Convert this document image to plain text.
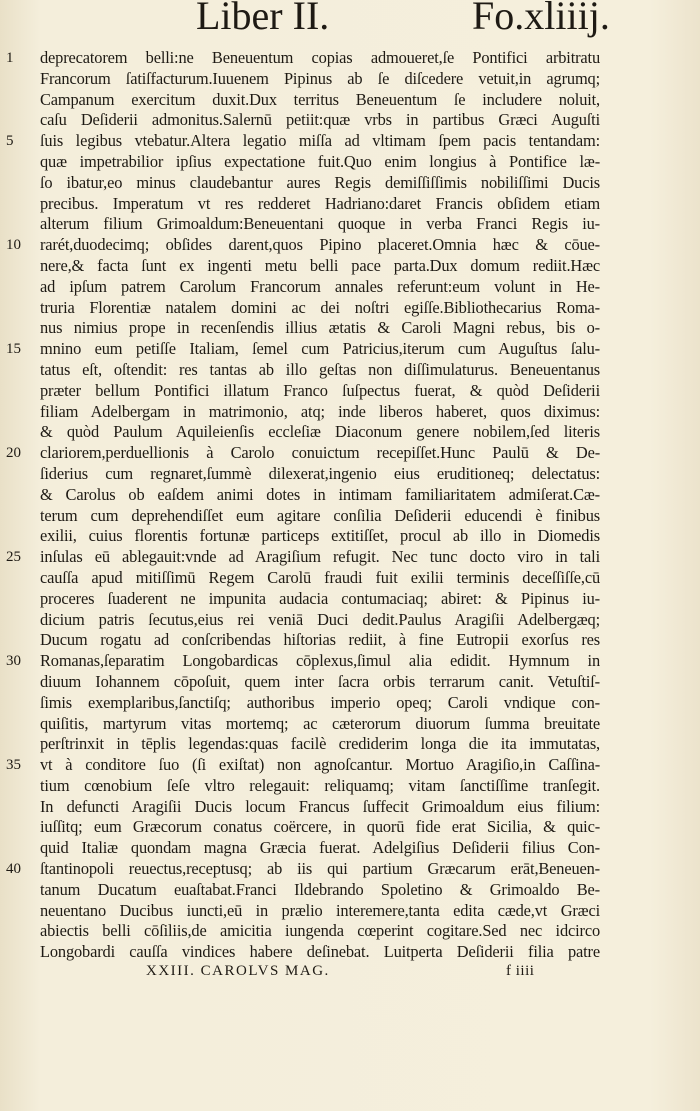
Liber II.	Fo.xliiij.
1
5
10
15
20
25
30
35
40
deprecatorem belli:ne Beneuentum copias admoueret,ſe Pontifici arbitratu
Francorum ſatiſfacturum.Iuuenem Pipinus ab ſe diſcedere vetuit,in agrumq;
Campanum exercitum duxit.Dux territus Beneuentum ſe includere noluit,
caſu Deſiderii admonitus.Salernū petiit:quæ vrbs in partibus Græci Auguſti
ſuis legibus vtebatur.Altera legatio miſſa ad vltimam ſpem pacis tentandam:
quæ impetrabilior ipſius expectatione fuit.Quo enim longius à Pontifice læ-
ſo ibatur,eo minus claudebantur aures Regis demiſſiſſimis nobiliſſimi Ducis
precibus. Imperatum vt res redderet Hadriano:daret Francis obſidem etiam
alterum filium Grimoaldum:Beneuentani quoque in verba Franci Regis iu-
rarét,duodecimq; obſides darent,quos Pipino placeret.Omnia hæc & cōue-
nere,& facta ſunt ex ingenti metu belli pace parta.Dux domum rediit.Hæc
ad ipſum patrem Carolum Francorum annales referunt:eum volunt in He-
truria Florentiæ natalem domini ac dei noſtri egiſſe.Bibliothecarius Roma-
nus nimius prope in recenſendis illius ætatis & Caroli Magni rebus, bis o-
mnino eum petiſſe Italiam, ſemel cum Patricius,iterum cum Auguſtus ſalu-
tatus eſt, oſtendit: res tantas ab illo geſtas non diſſimulaturus. Beneuentanus
præter bellum Pontifici illatum Franco ſuſpectus fuerat, & quòd Deſiderii
filiam Adelbergam in matrimonio, atq; inde liberos haberet, quos diximus:
& quòd Paulum Aquileienſis eccleſiæ Diaconum genere nobilem,ſed literis
clariorem,perduellionis à Carolo conuictum recepiſſet.Hunc Paulū & De-
ſiderius cum regnaret,ſummè dilexerat,ingenio eius eruditioneq; delectatus:
& Carolus ob eaſdem animi dotes in intimam familiaritatem admiſerat.Cæ-
terum cum deprehendiſſet eum agitare conſilia Deſiderii educendi è finibus
exilii, cuius florentis fortunæ particeps extitiſſet, procul ab illo in Diomedis
inſulas eū ablegauit:vnde ad Aragiſium refugit. Nec tunc docto viro in tali
cauſſa apud mitiſſimū Regem Carolū fraudi fuit exilii terminis deceſſiſſe,cū
proceres ſuaderent ne impunita audacia contumaciaq; abiret: & Pipinus iu-
dicium patris ſecutus,eius rei veniā Duci dedit.Paulus Aragiſii Adelbergæq;
Ducum rogatu ad conſcribendas hiſtorias rediit, à fine Eutropii exorſus res
Romanas,ſeparatim Longobardicas cōplexus,ſimul alia edidit. Hymnum in
diuum Iohannem cōpoſuit, quem inter ſacra orbis terrarum canit. Vetuſtiſ-
ſimis exemplaribus,ſanctiſq; authoribus imperio opeq; Caroli vndique con-
quiſitis, martyrum vitas mortemq; ac cæterorum diuorum ſumma breuitate
perſtrinxit in tēplis legendas:quas facilè crediderim longa die ita immutatas,
vt à conditore ſuo (ſi exiſtat) non agnoſcantur. Mortuo Aragiſio,in Caſſina-
tium cœnobium ſeſe vltro relegauit: reliquamq; vitam ſanctiſſime tranſegit.
In defuncti Aragiſii Ducis locum Francus ſuffecit Grimoaldum eius filium:
iuſſitq; eum Græcorum conatus coërcere, in quorū fide erat Sicilia, & quic-
quid Italiæ quondam magna Græcia fuerat. Adelgiſius Deſiderii filius Con-
ſtantinopoli reuectus,receptusq; ab iis qui partium Græcarum erāt,Beneuen-
tanum Ducatum euaſtabat.Franci Ildebrando Spoletino & Grimoaldo Be-
neuentano Ducibus iuncti,eū in prælio interemere,tanta edita cæde,vt Græci
abiectis belli cōſiliis,de amicitia iungenda cœperint cogitare.Sed nec idcirco
Longobardi cauſſa vindices habere deſinebat. Luitperta Deſiderii filia patre
XXIII. CAROLVS MAG.	f iiii
